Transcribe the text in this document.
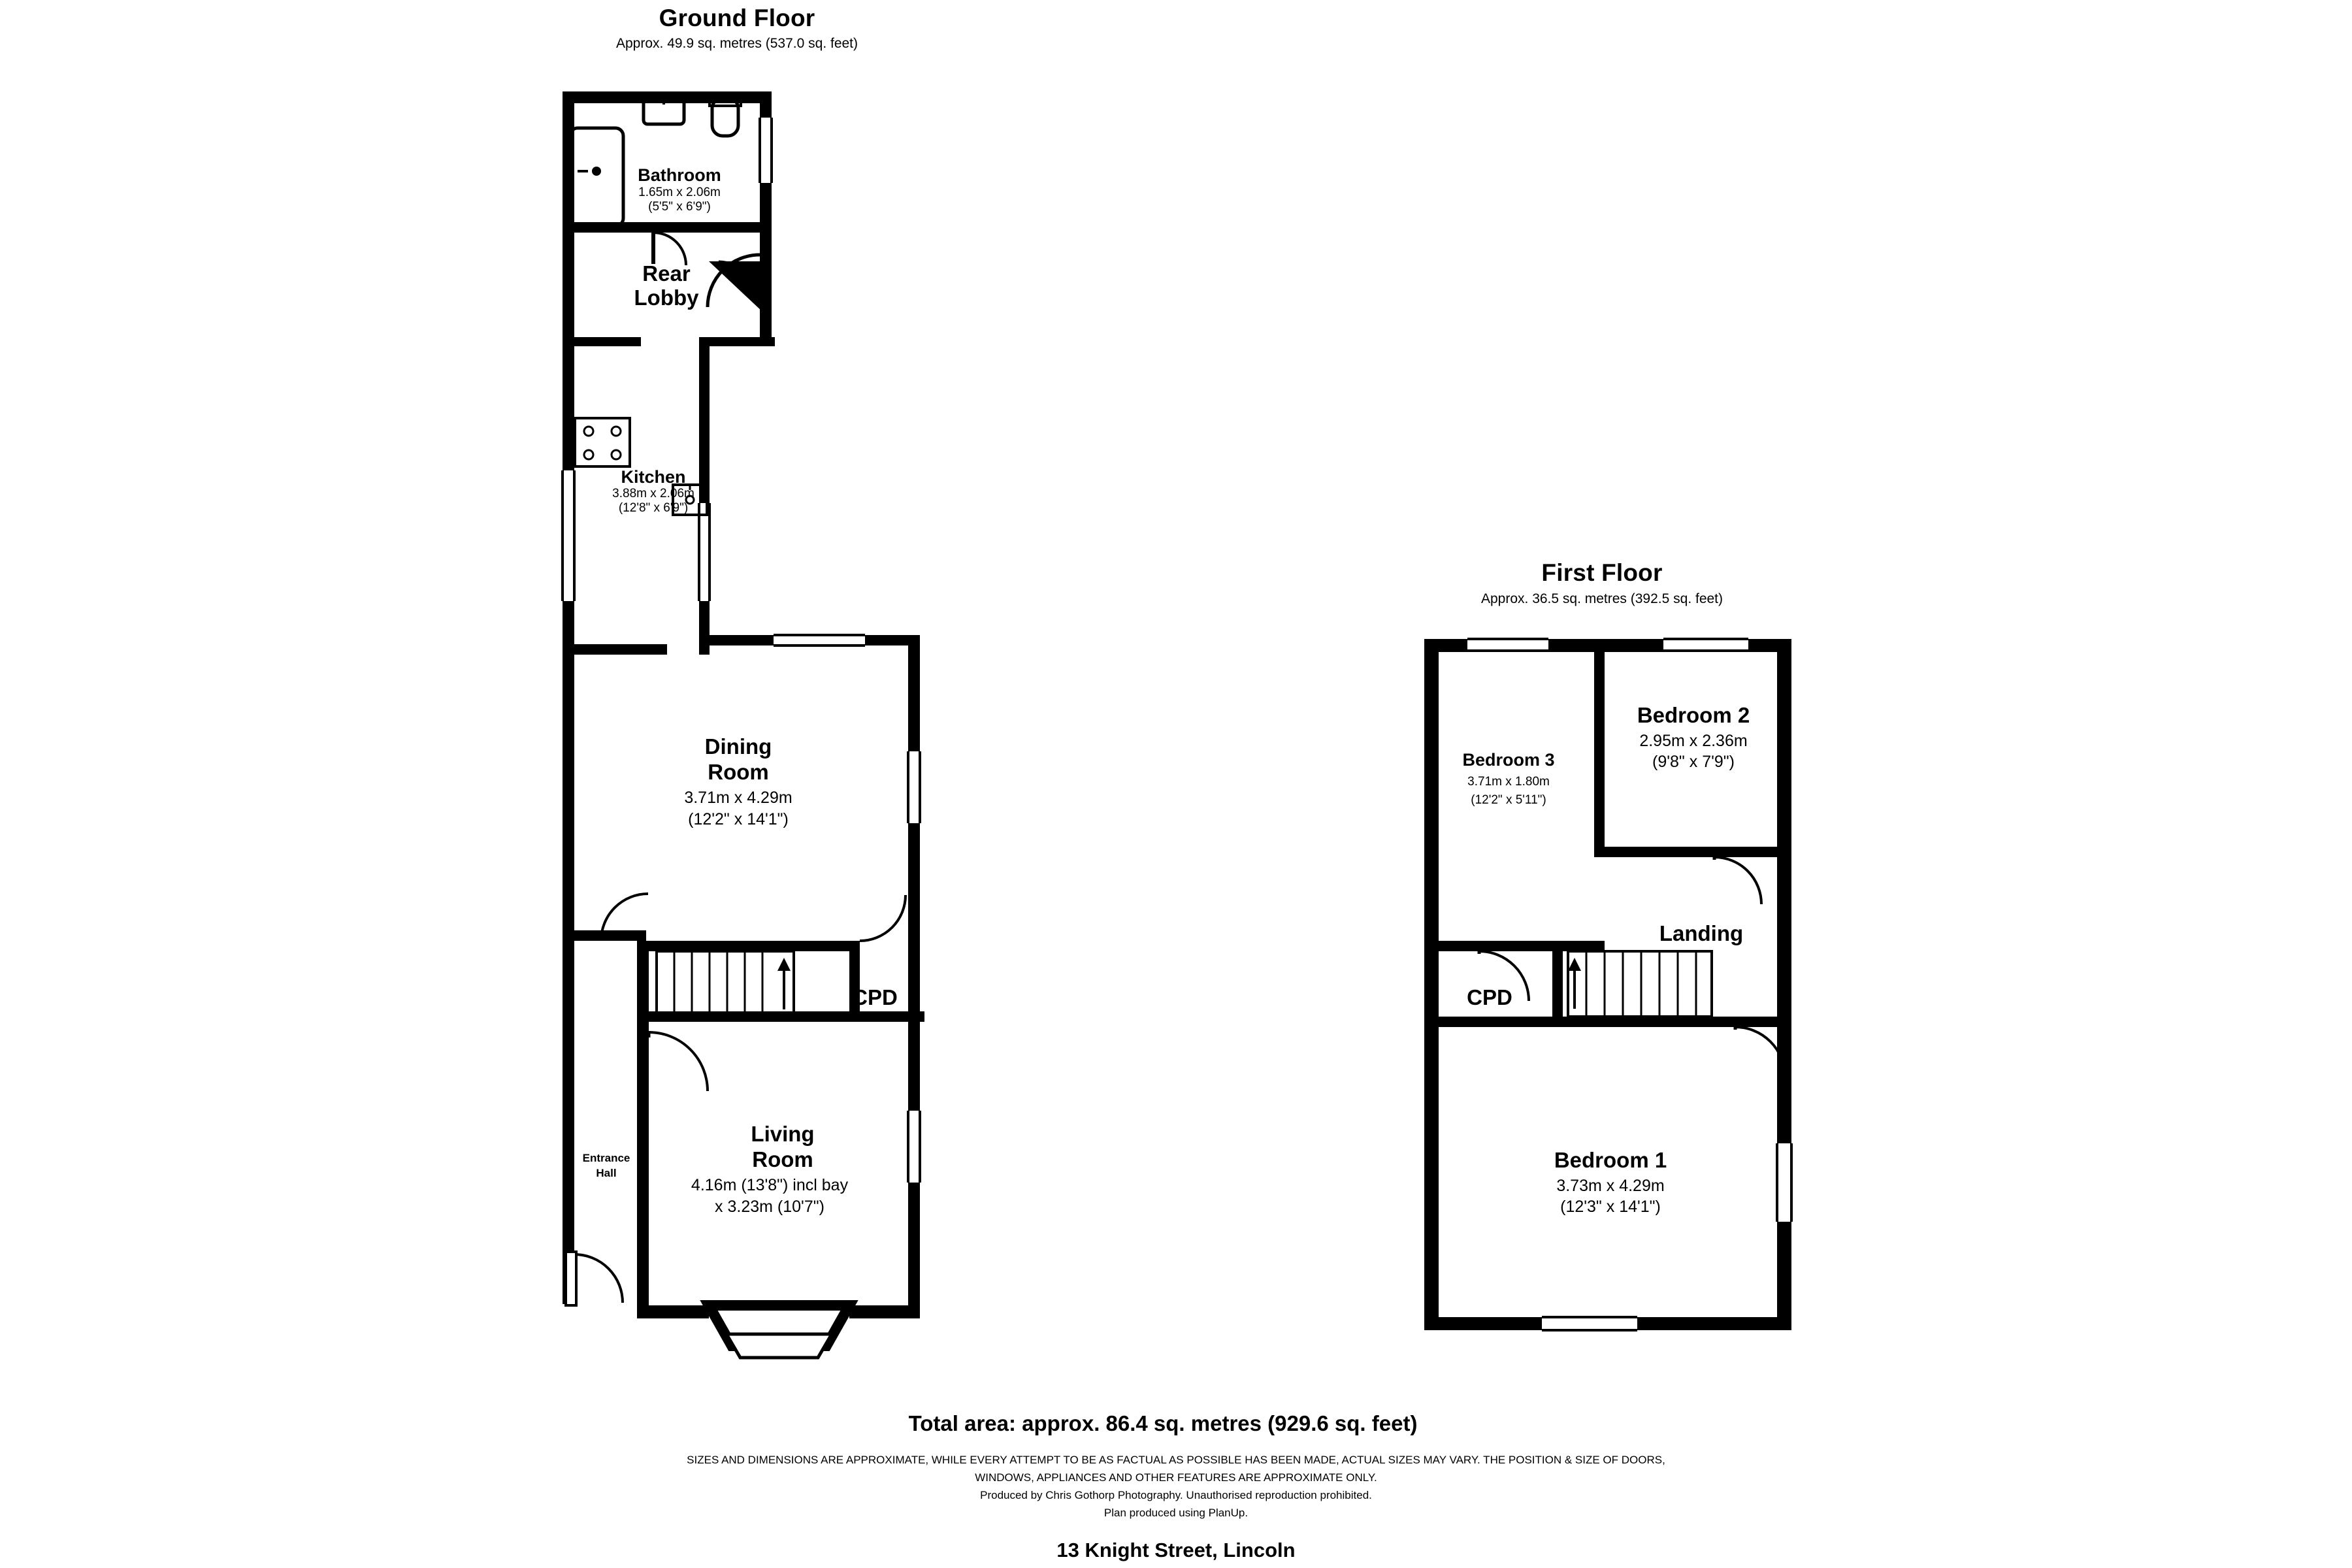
Ground Floor
Approx. 49.9 sq. metres (537.0 sq. feet)
Bathroom
1.65m x 2.06m
(5'5" x 6'9")
Rear
Lobby
Kitchen
3.88m x 2.06m
(12'8" x 6'9")
Dining
Room
3.71m x 4.29m
(12'2" x 14'1")
CPD
Living
Room
4.16m (13'8") incl bay
x 3.23m (10'7")
Entrance
Hall
First Floor
Approx. 36.5 sq. metres (392.5 sq. feet)
Bedroom 2
2.95m x 2.36m
(9'8" x 7'9")
Bedroom 3
3.71m x 1.80m
(12'2" x 5'11")
Landing
CPD
Bedroom 1
3.73m x 4.29m
(12'3" x 14'1")
Total area: approx. 86.4 sq. metres (929.6 sq. feet)
SIZES AND DIMENSIONS ARE APPROXIMATE, WHILE EVERY ATTEMPT TO BE AS FACTUAL AS POSSIBLE HAS BEEN MADE, ACTUAL SIZES MAY VARY. THE POSITION & SIZE OF DOORS,
WINDOWS, APPLIANCES AND OTHER FEATURES ARE APPROXIMATE ONLY.
Produced by Chris Gothorp Photography. Unauthorised reproduction prohibited.
Plan produced using PlanUp.
13 Knight Street, Lincoln
